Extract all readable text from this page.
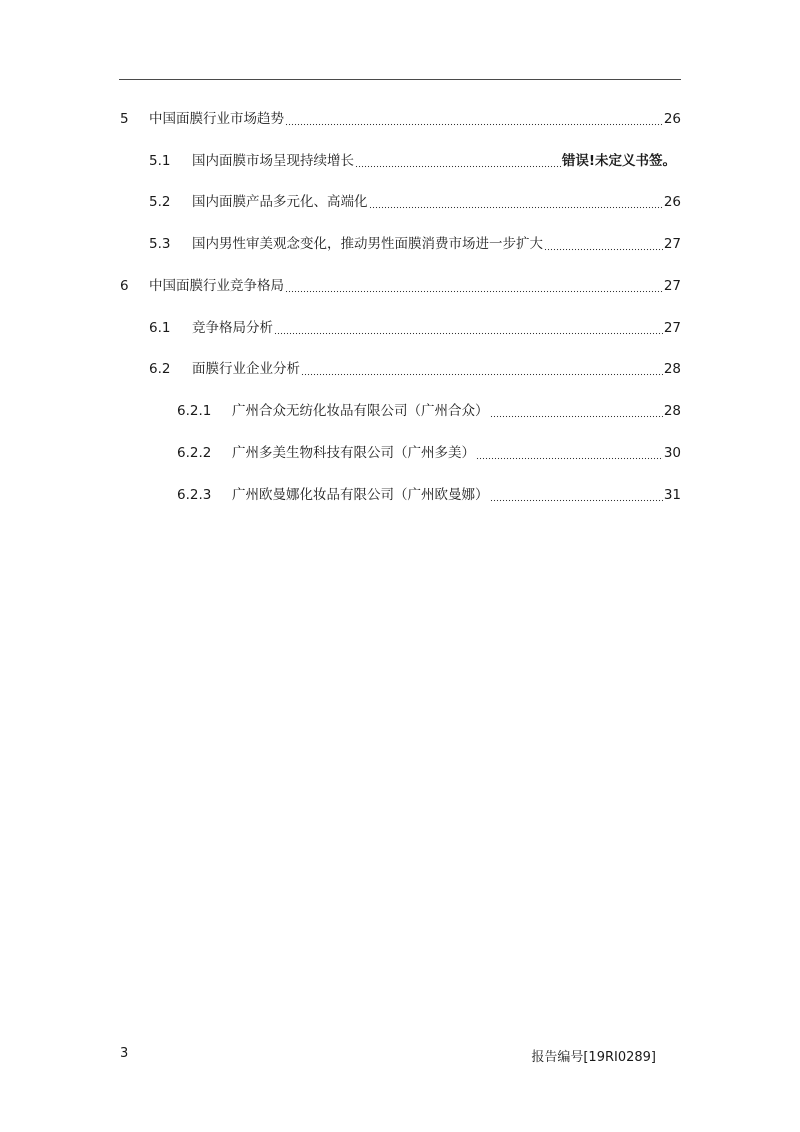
5 中国面膜行业市场趋势	26
5.1 国内面膜市场呈现持续增长	错误!未定义书签。
5.2 国内面膜产品多元化、高端化	26
5.3 国内男性审美观念变化，推动男性面膜消费市场进一步扩大	27
6 中国面膜行业竞争格局	27
6.1 竞争格局分析	27
6.2 面膜行业企业分析	28
6.2.1 广州合众无纺化妆品有限公司（广州合众）	28
6.2.2 广州多美生物科技有限公司（广州多美）	30
6.2.3 广州欧曼娜化妆品有限公司（广州欧曼娜）	31
3	报告编号[19RI0289]
